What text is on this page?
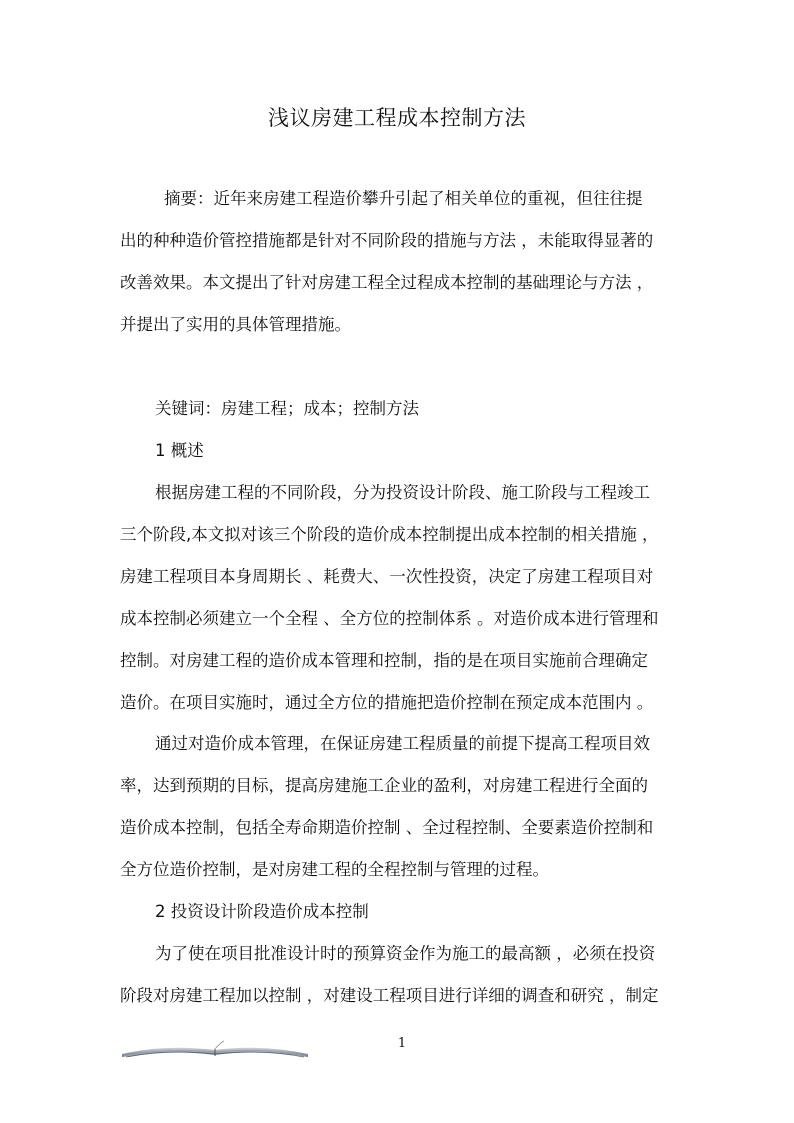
浅议房建工程成本控制方法
摘要：近年来房建工程造价攀升引起了相关单位的重视，但往往提
出的种种造价管控措施都是针对不同阶段的措施与方法 ，未能取得显著的
改善效果。本文提出了针对房建工程全过程成本控制的基础理论与方法 ，
并提出了实用的具体管理措施。
关键词：房建工程；成本；控制方法
1 概述
根据房建工程的不同阶段，分为投资设计阶段、施工阶段与工程竣工
三个阶段,本文拟对该三个阶段的造价成本控制提出成本控制的相关措施 ，
房建工程项目本身周期长 、耗费大、一次性投资，决定了房建工程项目对
成本控制必须建立一个全程 、全方位的控制体系 。对造价成本进行管理和
控制。对房建工程的造价成本管理和控制，指的是在项目实施前合理确定
造价。在项目实施时，通过全方位的措施把造价控制在预定成本范围内 。
通过对造价成本管理，在保证房建工程质量的前提下提高工程项目效
率，达到预期的目标，提高房建施工企业的盈利，对房建工程进行全面的
造价成本控制，包括全寿命期造价控制 、全过程控制、全要素造价控制和
全方位造价控制，是对房建工程的全程控制与管理的过程。
2 投资设计阶段造价成本控制
为了使在项目批准设计时的预算资金作为施工的最高额 ，必须在投资
阶段对房建工程加以控制 ，对建设工程项目进行详细的调查和研究 ，制定
1
